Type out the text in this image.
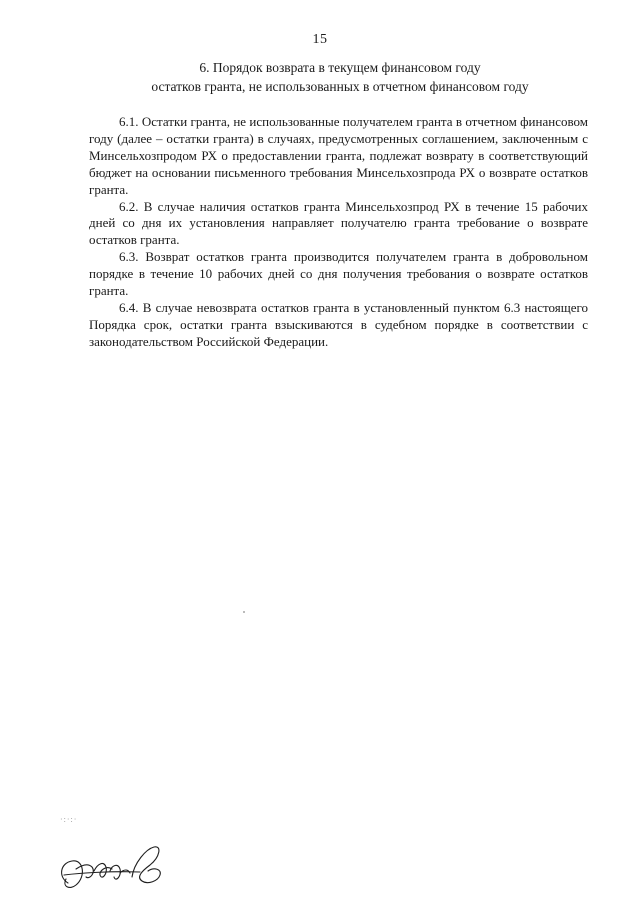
15
6. Порядок возврата в текущем финансовом году
остатков гранта, не использованных в отчетном финансовом году

6.1. Остатки гранта, не использованные получателем гранта в отчетном финансовом году (далее – остатки гранта) в случаях, предусмотренных соглашением, заключенным с Минсельхозпродом РХ о предоставлении гранта, подлежат возврату в соответствующий бюджет на основании письменного требования Минсельхозпрода РХ о возврате остатков гранта.

6.2. В случае наличия остатков гранта Минсельхозпрод РХ в течение 15 рабочих дней со дня их установления направляет получателю гранта требование о возврате остатков гранта.

6.3. Возврат остатков гранта производится получателем гранта в добровольном порядке в течение 10 рабочих дней со дня получения требования о возврате остатков гранта.

6.4. В случае невозврата остатков гранта в установленный пунктом 6.3 настоящего Порядка срок, остатки гранта взыскиваются в судебном порядке в соответствии с законодательством Российской Федерации.

·:·:·
